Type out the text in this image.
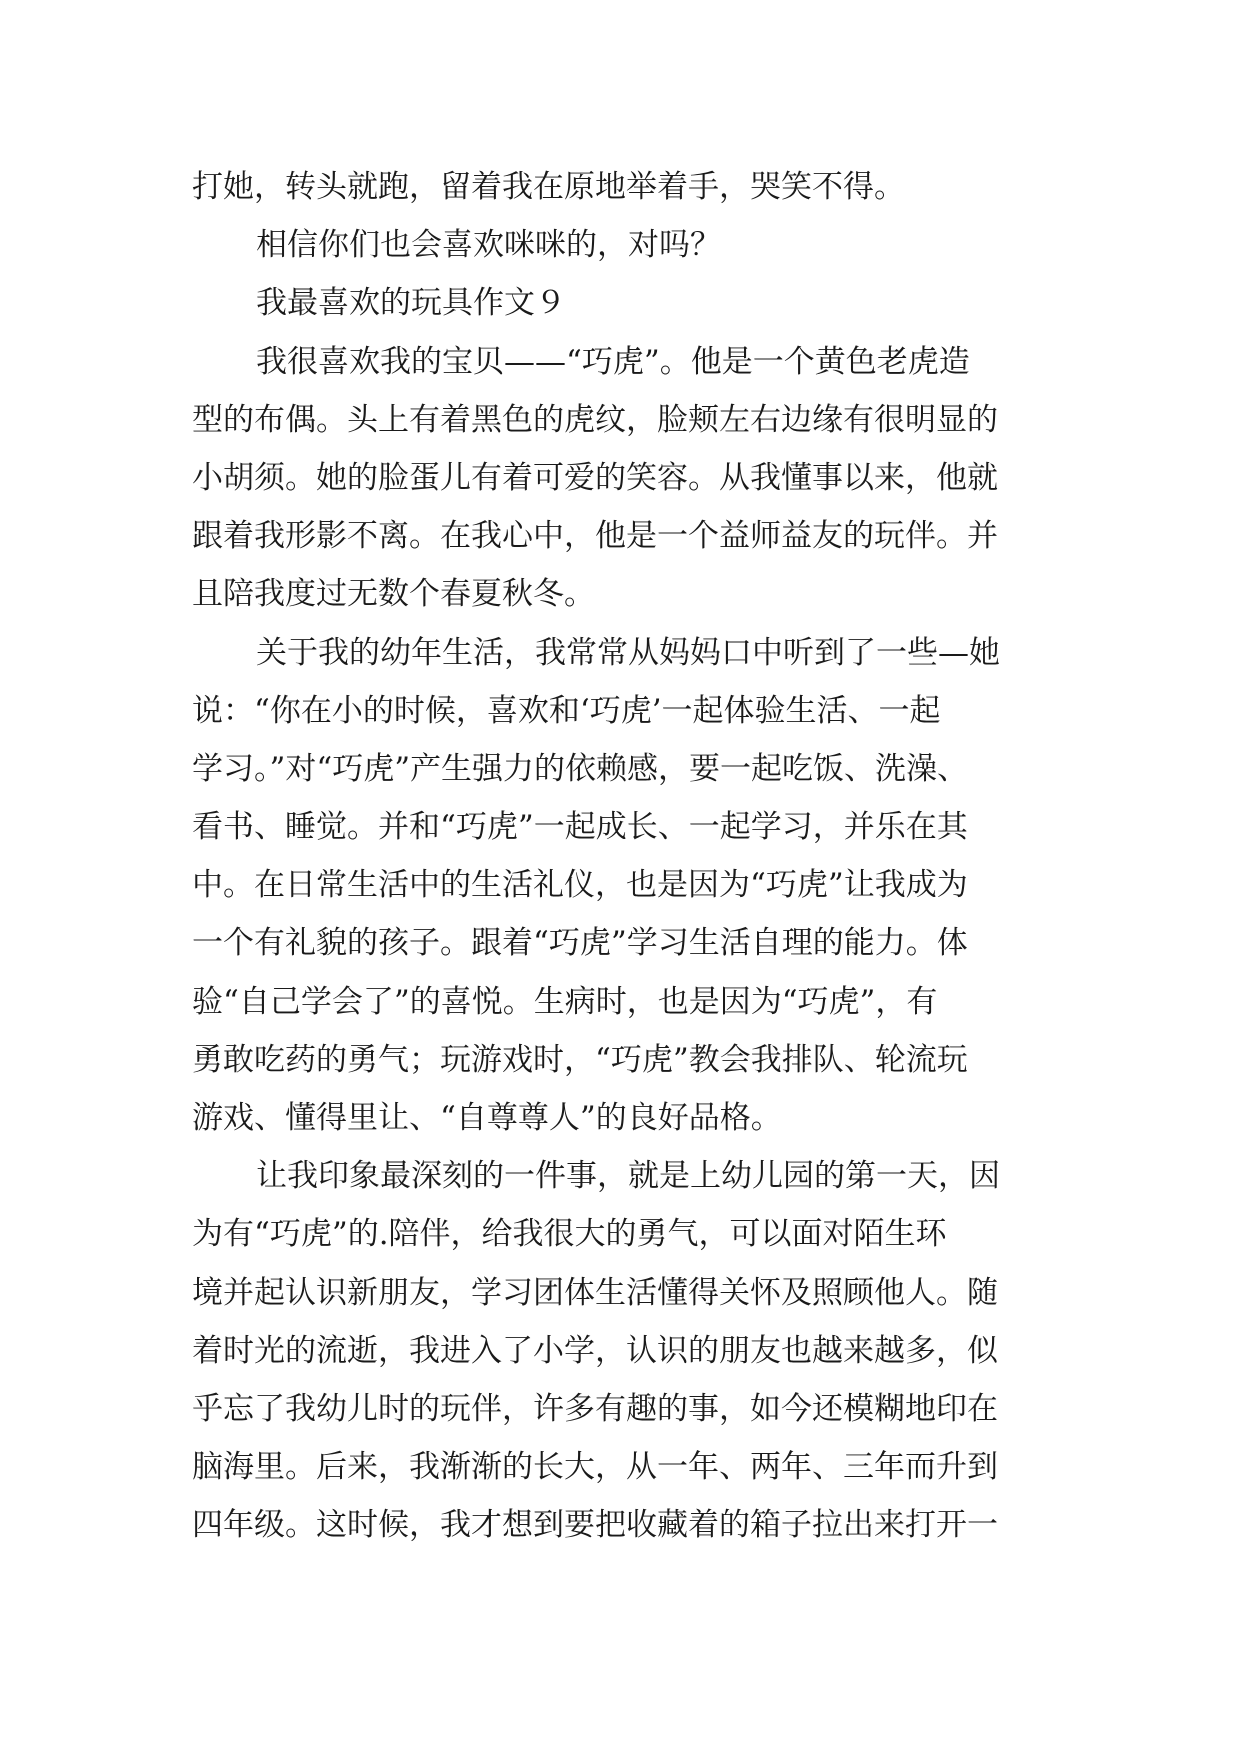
打她，转头就跑，留着我在原地举着手，哭笑不得。
相信你们也会喜欢咪咪的，对吗？
我最喜欢的玩具作文９
我很喜欢我的宝贝——“巧虎”。他是一个黄色老虎造
型的布偶。头上有着黑色的虎纹，脸颊左右边缘有很明显的
小胡须。她的脸蛋儿有着可爱的笑容。从我懂事以来，他就
跟着我形影不离。在我心中，他是一个益师益友的玩伴。并
且陪我度过无数个春夏秋冬。
关于我的幼年生活，我常常从妈妈口中听到了一些—她
说：“你在小的时候，喜欢和‘巧虎’一起体验生活、一起
学习。”对“巧虎”产生强力的依赖感，要一起吃饭、洗澡、
看书、睡觉。并和“巧虎”一起成长、一起学习，并乐在其
中。在日常生活中的生活礼仪，也是因为“巧虎”让我成为
一个有礼貌的孩子。跟着“巧虎”学习生活自理的能力。体
验“自己学会了”的喜悦。生病时，也是因为“巧虎”，有
勇敢吃药的勇气；玩游戏时，“巧虎”教会我排队、轮流玩
游戏、懂得里让、“自尊尊人”的良好品格。
让我印象最深刻的一件事，就是上幼儿园的第一天，因
为有“巧虎”的.陪伴，给我很大的勇气，可以面对陌生环
境并起认识新朋友，学习团体生活懂得关怀及照顾他人。随
着时光的流逝，我进入了小学，认识的朋友也越来越多，似
乎忘了我幼儿时的玩伴，许多有趣的事，如今还模糊地印在
脑海里。后来，我渐渐的长大，从一年、两年、三年而升到
四年级。这时候，我才想到要把收藏着的箱子拉出来打开一
